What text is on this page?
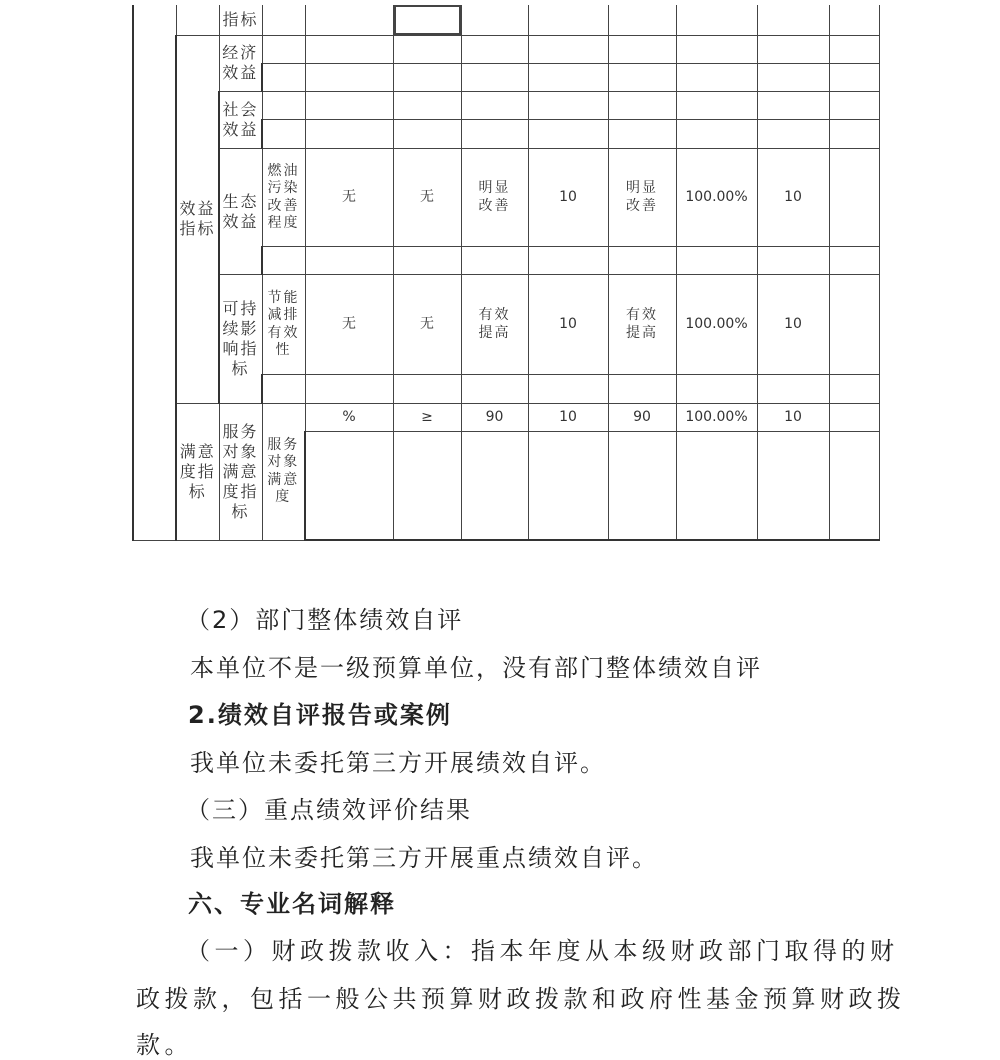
		指标									
	效益指标	经济效益									

		社会效益									

		生态效益	燃油污染改善程度	无	无	明显改善	10	明显改善	100.00%	10	

		可持续影响指标	节能减排有效性	无	无	有效提高	10	有效提高	100.00%	10	

	满意度指标	服务对象满意度指标	服务对象满意度	%	≥	90	10	90	100.00%	10	

（2）部门整体绩效自评

本单位不是一级预算单位，没有部门整体绩效自评

2.绩效自评报告或案例

我单位未委托第三方开展绩效自评。

（三）重点绩效评价结果

我单位未委托第三方开展重点绩效自评。

六、专业名词解释

（一）财政拨款收入：指本年度从本级财政部门取得的财

政拨款，包括一般公共预算财政拨款和政府性基金预算财政拨

款。
